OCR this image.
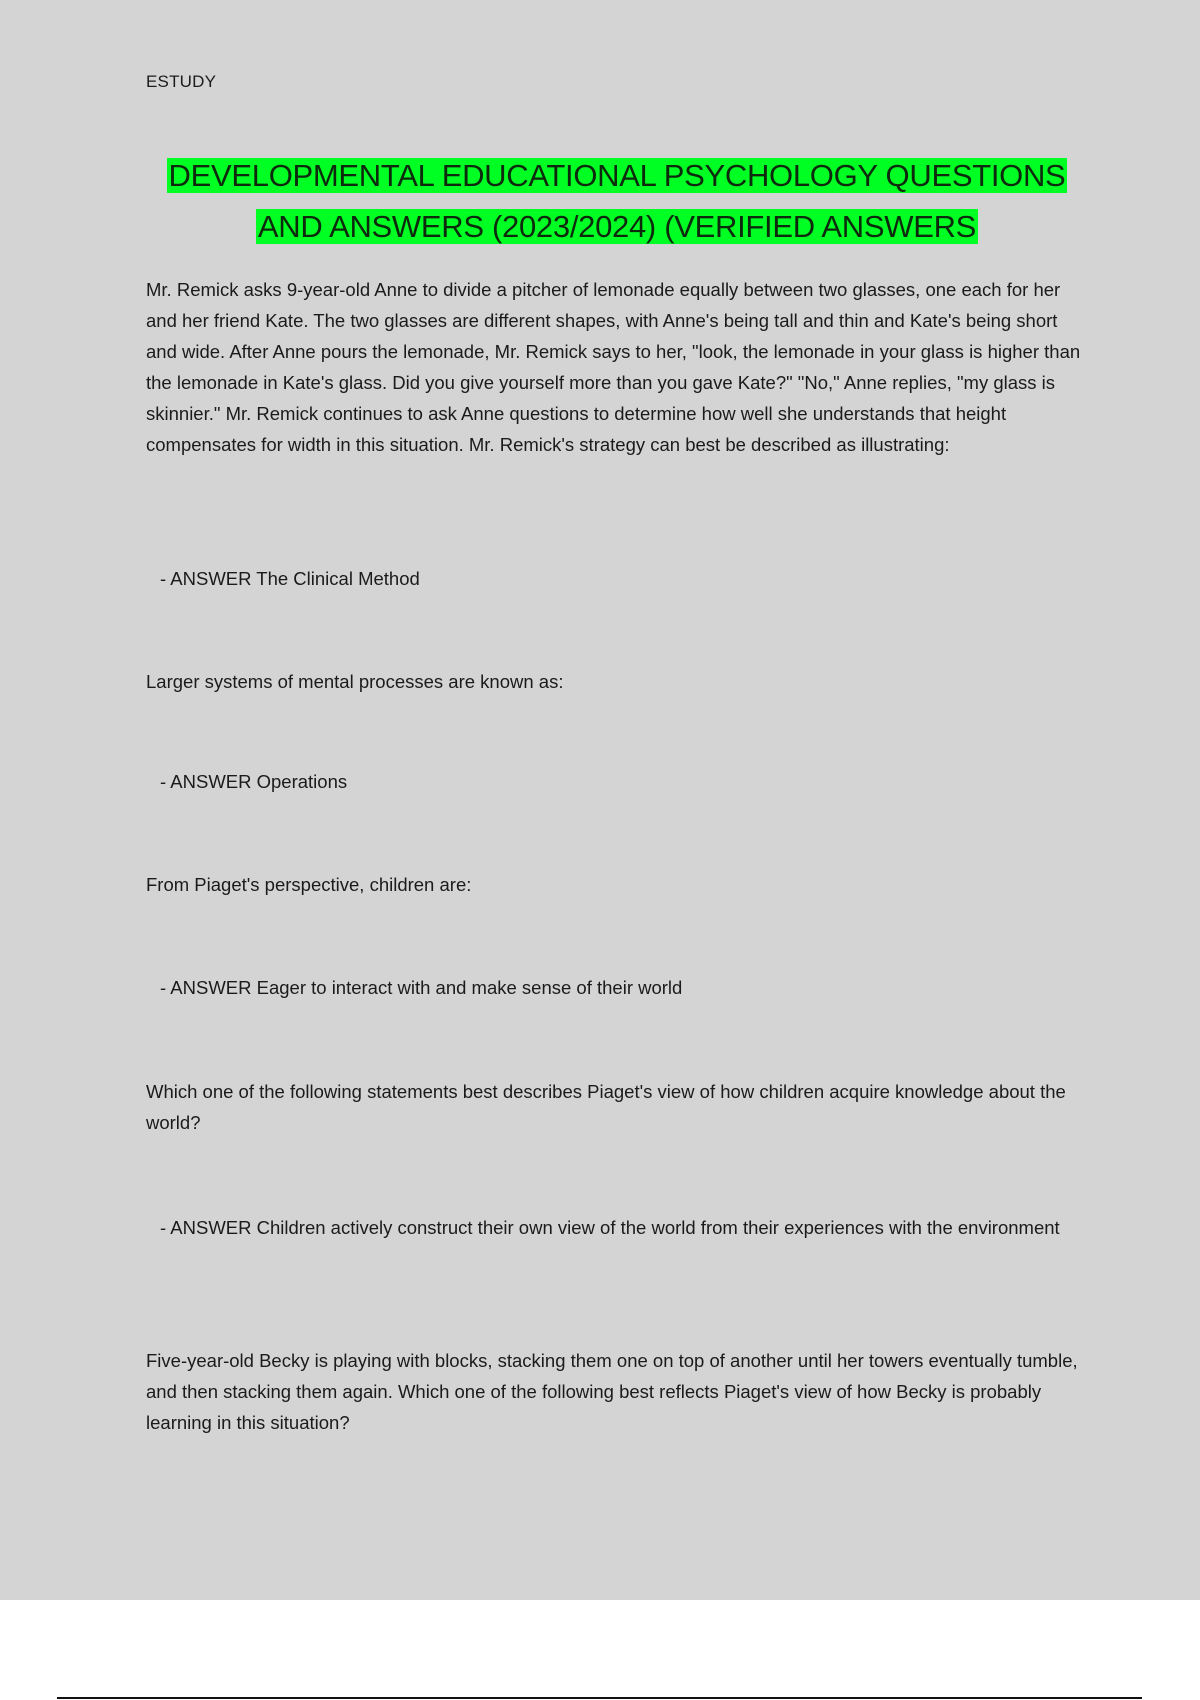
ESTUDY
DEVELOPMENTAL EDUCATIONAL PSYCHOLOGY QUESTIONS AND ANSWERS (2023/2024) (VERIFIED ANSWERS
Mr. Remick asks 9-year-old Anne to divide a pitcher of lemonade equally between two glasses, one each for her and her friend Kate. The two glasses are different shapes, with Anne's being tall and thin and Kate's being short and wide. After Anne pours the lemonade, Mr. Remick says to her, "look, the lemonade in your glass is higher than the lemonade in Kate's glass. Did you give yourself more than you gave Kate?" "No," Anne replies, "my glass is skinnier." Mr. Remick continues to ask Anne questions to determine how well she understands that height compensates for width in this situation. Mr. Remick's strategy can best be described as illustrating:
- ANSWER The Clinical Method
Larger systems of mental processes are known as:
- ANSWER Operations
From Piaget's perspective, children are:
- ANSWER Eager to interact with and make sense of their world
Which one of the following statements best describes Piaget's view of how children acquire knowledge about the world?
- ANSWER Children actively construct their own view of the world from their experiences with the environment
Five-year-old Becky is playing with blocks, stacking them one on top of another until her towers eventually tumble, and then stacking them again. Which one of the following best reflects Piaget's view of how Becky is probably learning in this situation?
